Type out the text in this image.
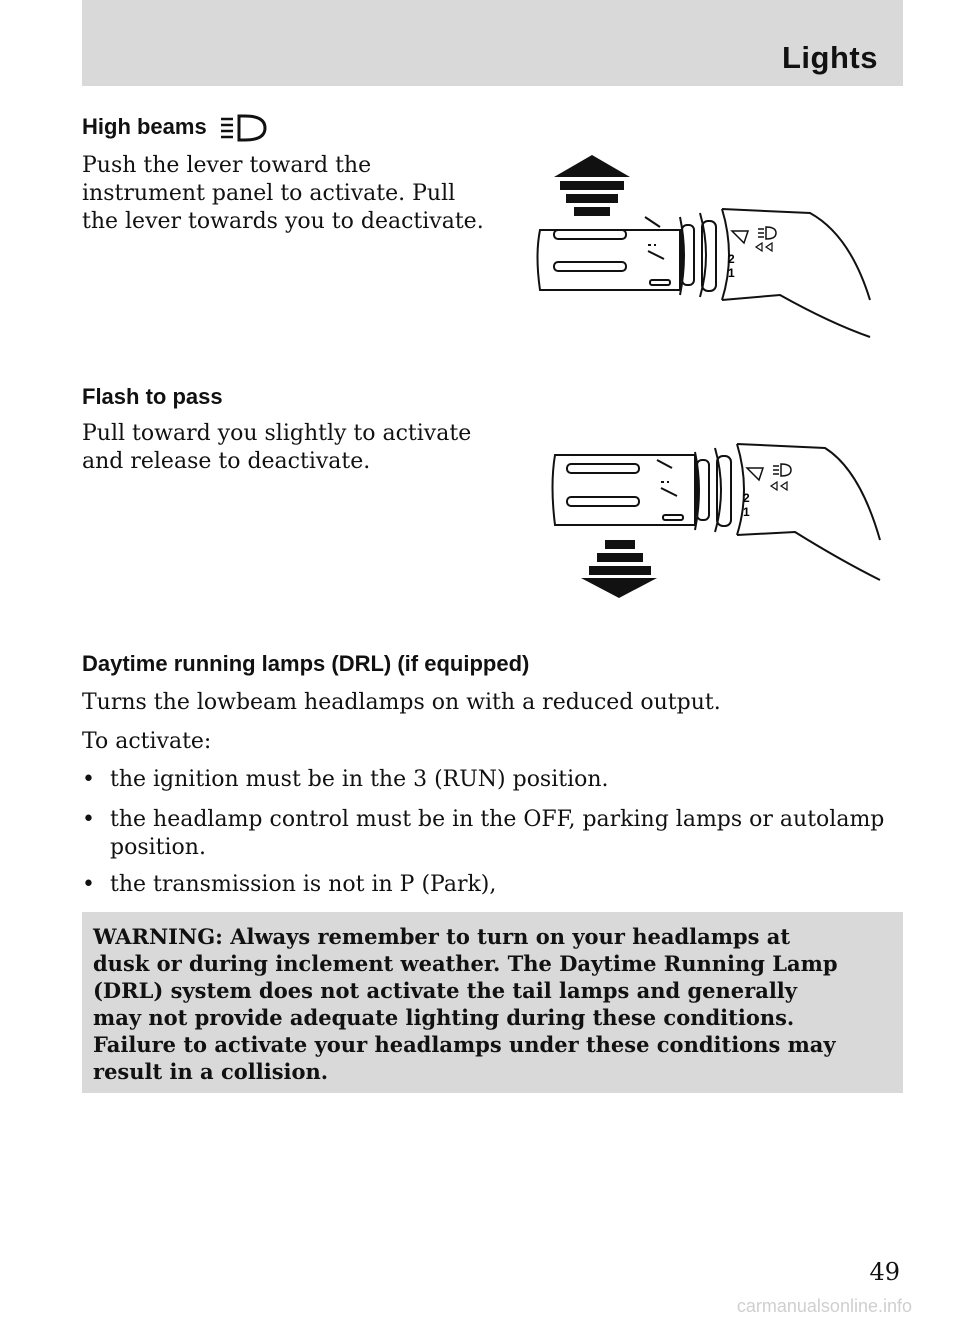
Lights
High beams
Push the lever toward the
instrument panel to activate. Pull
the lever towards you to deactivate.
2
1
Flash to pass
Pull toward you slightly to activate
and release to deactivate.
2
1
Daytime running lamps (DRL) (if equipped)
Turns the lowbeam headlamps on with a reduced output.
To activate:
• the ignition must be in the 3 (RUN) position.
• the headlamp control must be in the OFF, parking lamps or autolamp position.
• the transmission is not in P (Park),
WARNING: Always remember to turn on your headlamps at
dusk or during inclement weather. The Daytime Running Lamp
(DRL) system does not activate the tail lamps and generally
may not provide adequate lighting during these conditions.
Failure to activate your headlamps under these conditions may
result in a collision.
49
carmanualsonline.info
